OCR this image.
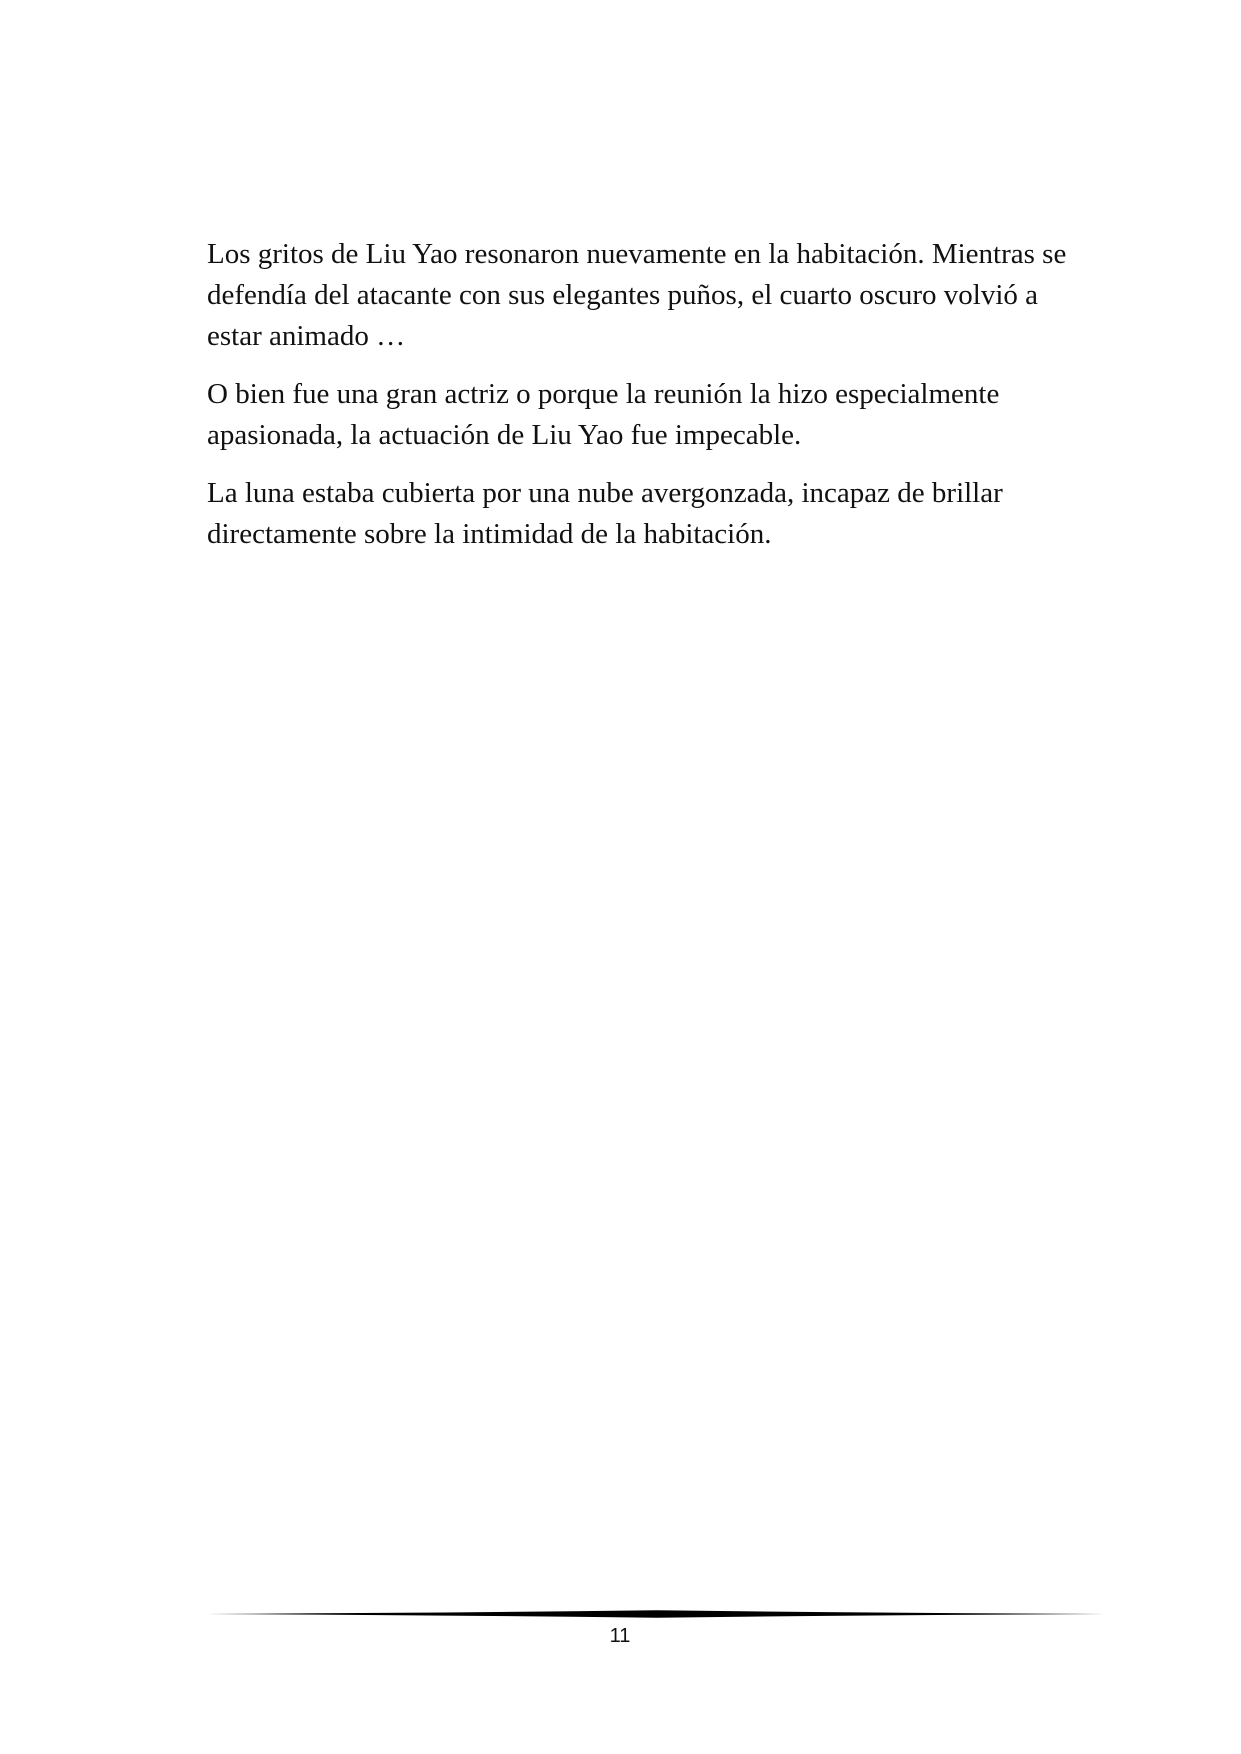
Los gritos de Liu Yao resonaron nuevamente en la habitación. Mientras se defendía del atacante con sus elegantes puños, el cuarto oscuro volvió a estar animado …

O bien fue una gran actriz o porque la reunión la hizo especialmente apasionada, la actuación de Liu Yao fue impecable.

La luna estaba cubierta por una nube avergonzada, incapaz de brillar directamente sobre la intimidad de la habitación.

11
